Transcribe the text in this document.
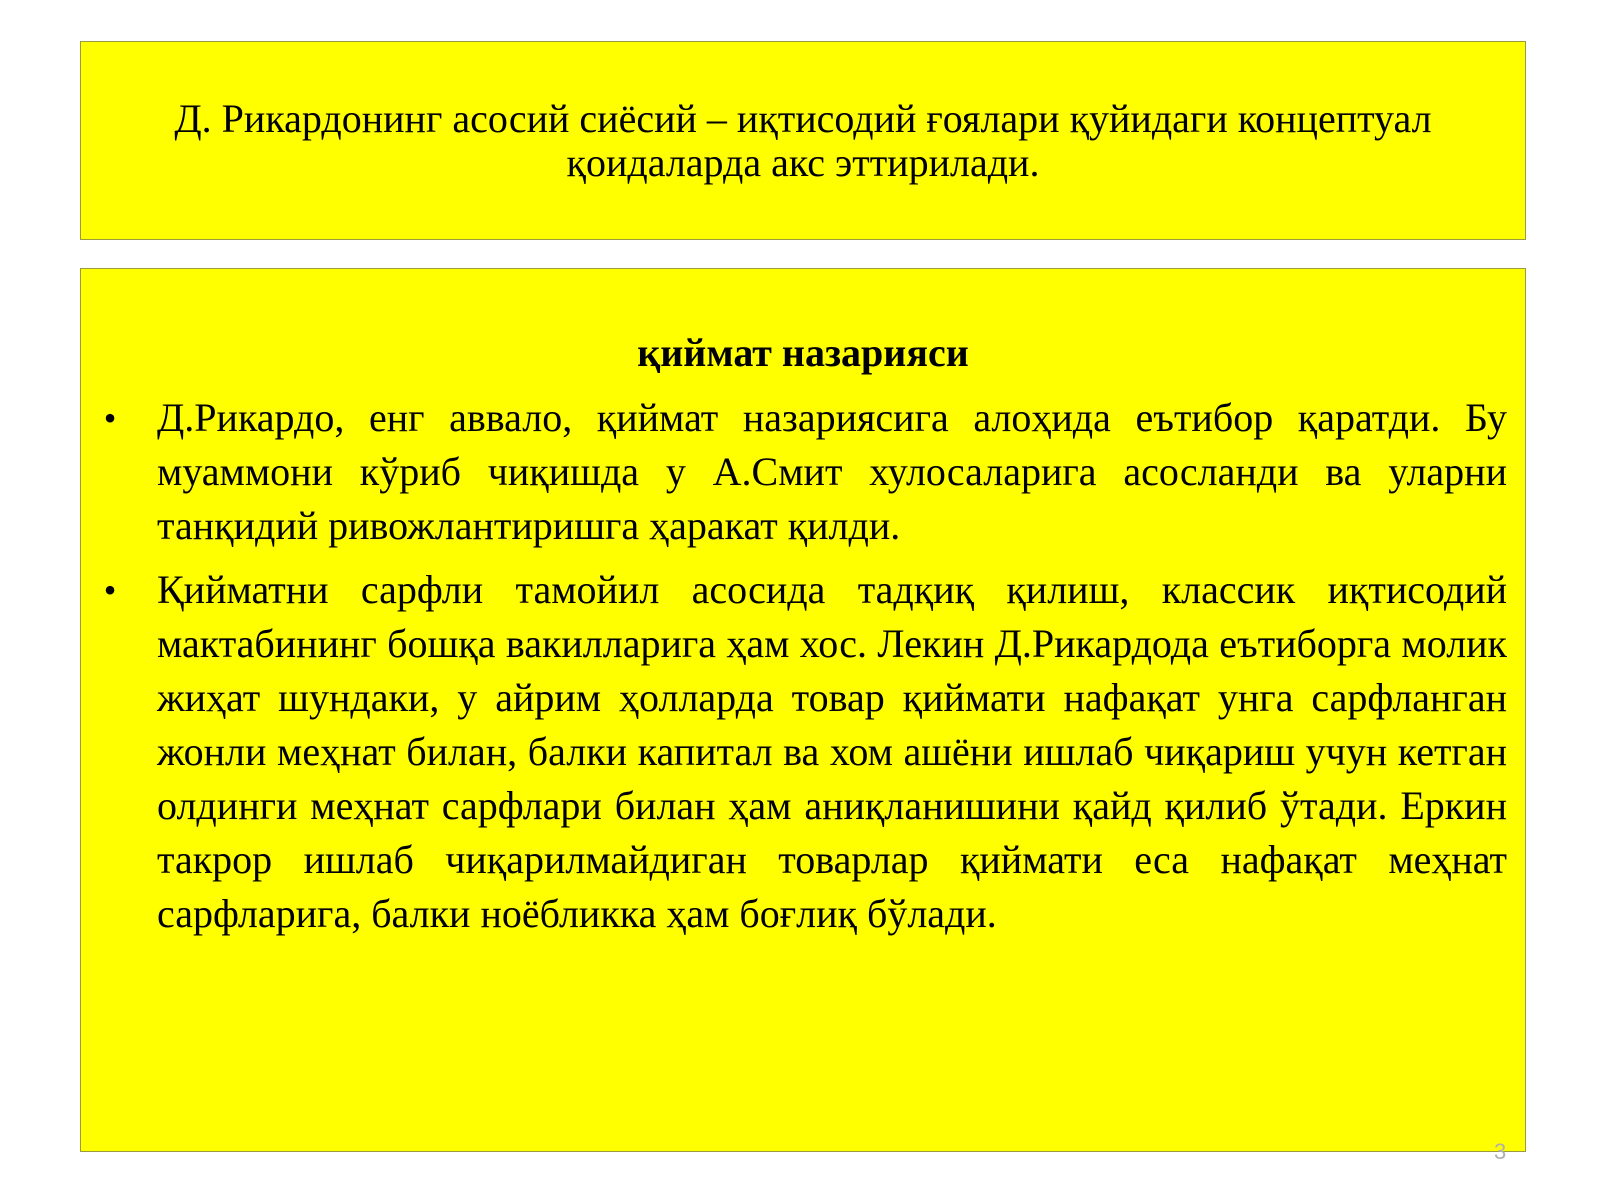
Д. Рикардонинг асосий сиёсий – иқтисодий ғоялари қуйидаги концептуал қоидаларда акс эттирилади.

қиймат назарияси
• Д.Рикардо, енг аввало, қиймат назариясига алоҳида еътибор қаратди. Бу муаммони кўриб чиқишда у А.Смит хулосаларига асосланди ва уларни танқидий ривожлантиришга ҳаракат қилди.
• Қийматни сарфли тамойил асосида тадқиқ қилиш, классик иқтисодий мактабининг бошқа вакилларига ҳам хос. Лекин Д.Рикардода еътиборга молик жиҳат шундаки, у айрим ҳолларда товар қиймати нафақат унга сарфланган жонли меҳнат билан, балки капитал ва хом ашёни ишлаб чиқариш учун кетган олдинги меҳнат сарфлари билан ҳам аниқланишини қайд қилиб ўтади. Еркин такрор ишлаб чиқарилмайдиган товарлар қиймати еса нафақат меҳнат сарфларига, балки ноёбликка ҳам боғлиқ бўлади.
3
